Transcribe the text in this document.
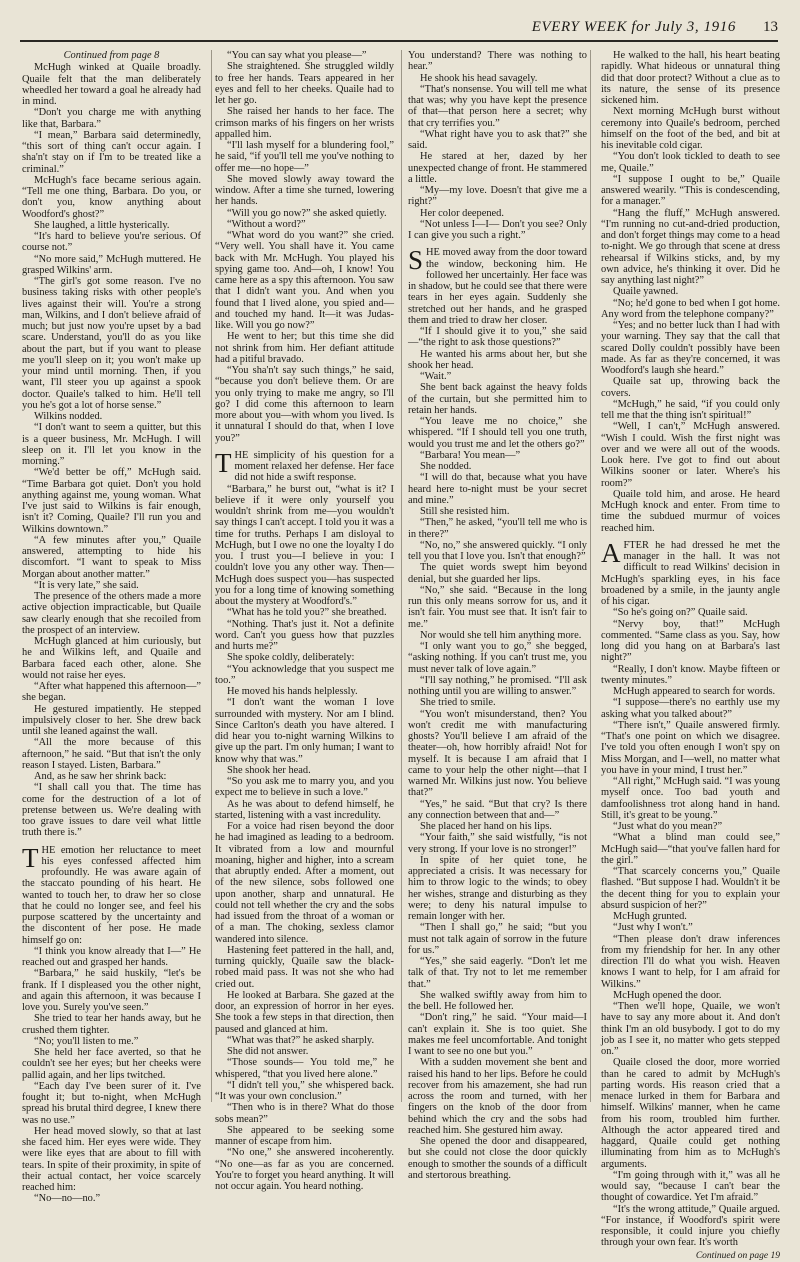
EVERY WEEK for July 3, 1916 13

Continued from page 8

McHugh winked at Quaile broadly. Quaile felt that the man deliberately wheedled her toward a goal he already had in mind.

“Don't you charge me with anything like that, Barbara.”

“I mean,” Barbara said determinedly, “this sort of thing can't occur again. I sha'n't stay on if I'm to be treated like a criminal.”

McHugh's face became serious again. “Tell me one thing, Barbara. Do you, or don't you, know anything about Woodford's ghost?”

She laughed, a little hysterically.

“It's hard to believe you're serious. Of course not.”

“No more said,” McHugh muttered. He grasped Wilkins' arm.

“The girl's got some reason. I've no business taking risks with other people's lives against their will. You're a strong man, Wilkins, and I don't believe afraid of much; but just now you're upset by a bad scare. Understand, you'll do as you like about the part, but if you want to please me you'll sleep on it; you won't make up your mind until morning. Then, if you want, I'll steer you up against a spook doctor. Quaile's talked to him. He'll tell you he's got a lot of horse sense.”

Wilkins nodded.

“I don't want to seem a quitter, but this is a queer business, Mr. McHugh. I will sleep on it. I'll let you know in the morning.”

“We'd better be off,” McHugh said. “Time Barbara got quiet. Don't you hold anything against me, young woman. What I've just said to Wilkins is fair enough, isn't it? Coming, Quaile? I'll run you and Wilkins downtown.”

“A few minutes after you,” Quaile answered, attempting to hide his discomfort. “I want to speak to Miss Morgan about another matter.”

“It is very late,” she said.

The presence of the others made a more active objection impracticable, but Quaile saw clearly enough that she recoiled from the prospect of an interview.

McHugh glanced at him curiously, but he and Wilkins left, and Quaile and Barbara faced each other, alone. She would not raise her eyes.

“After what happened this afternoon—” she began.

He gestured impatiently. He stepped impulsively closer to her. She drew back until she leaned against the wall.

“All the more because of this afternoon,” he said. “But that isn't the only reason I stayed. Listen, Barbara.”

And, as he saw her shrink back:

“I shall call you that. The time has come for the destruction of a lot of pretense between us. We're dealing with too grave issues to dare veil what little truth there is.”

THE emotion her reluctance to meet his eyes confessed affected him profoundly. He was aware again of the staccato pounding of his heart. He wanted to touch her, to draw her so close that he could no longer see, and feel his purpose scattered by the uncertainty and the discontent of her pose. He made himself go on:

“I think you know already that I—” He reached out and grasped her hands.

“Barbara,” he said huskily, “let's be frank. If I displeased you the other night, and again this afternoon, it was because I love you. Surely you've seen.”

She tried to tear her hands away, but he crushed them tighter.

“No; you'll listen to me.”

She held her face averted, so that he couldn't see her eyes; but her cheeks were pallid again, and her lips twitched.

“Each day I've been surer of it. I've fought it; but to-night, when McHugh spread his brutal third degree, I knew there was no use.”

Her head moved slowly, so that at last she faced him. Her eyes were wide. They were like eyes that are about to fill with tears. In spite of their proximity, in spite of their actual contact, her voice scarcely reached him:

“No—no—no.”

“You can say what you please—”

She straightened. She struggled wildly to free her hands. Tears appeared in her eyes and fell to her cheeks. Quaile had to let her go.

She raised her hands to her face. The crimson marks of his fingers on her wrists appalled him.

“I'll lash myself for a blundering fool,” he said, “if you'll tell me you've nothing to offer me—no hope—”

She moved slowly away toward the window. After a time she turned, lowering her hands.

“Will you go now?” she asked quietly.

“Without a word?”

“What word do you want?” she cried. “Very well. You shall have it. You came back with Mr. McHugh. You played his spying game too. And—oh, I know! You came here as a spy this afternoon. You saw that I didn't want you. And when you found that I lived alone, you spied and—and touched my hand. It—it was Judas-like. Will you go now?”

He went to her; but this time she did not shrink from him. Her defiant attitude had a pitiful bravado.

“You sha'n't say such things,” he said, “because you don't believe them. Or are you only trying to make me angry, so I'll go? I did come this afternoon to learn more about you—with whom you lived. Is it unnatural I should do that, when I love you?”

THE simplicity of his question for a moment relaxed her defense. Her face did not hide a swift response.

“Barbara,” he burst out, “what is it? I believe if it were only yourself you wouldn't shrink from me—you wouldn't say things I can't accept. I told you it was a time for truths. Perhaps I am disloyal to McHugh, but I owe no one the loyalty I do you. I trust you—I believe in you: I couldn't love you any other way. Then—McHugh does suspect you—has suspected you for a long time of knowing something about the mystery at Woodford's.”

“What has he told you?” she breathed.

“Nothing. That's just it. Not a definite word. Can't you guess how that puzzles and hurts me?”

She spoke coldly, deliberately:

“You acknowledge that you suspect me too.”

He moved his hands helplessly.

“I don't want the woman I love surrounded with mystery. Nor am I blind. Since Carlton's death you have altered. I did hear you to-night warning Wilkins to give up the part. I'm only human; I want to know why that was.”

She shook her head.

“So you ask me to marry you, and you expect me to believe in such a love.”

As he was about to defend himself, he started, listening with a vast incredulity.

For a voice had risen beyond the door he had imagined as leading to a bedroom. It vibrated from a low and mournful moaning, higher and higher, into a scream that abruptly ended. After a moment, out of the new silence, sobs followed one upon another, sharp and unnatural. He could not tell whether the cry and the sobs had issued from the throat of a woman or of a man. The choking, sexless clamor wandered into silence.

Hastening feet pattered in the hall, and, turning quickly, Quaile saw the black-robed maid pass. It was not she who had cried out.

He looked at Barbara. She gazed at the door, an expression of horror in her eyes. She took a few steps in that direction, then paused and glanced at him.

“What was that?” he asked sharply.

She did not answer.

“Those sounds— You told me,” he whispered, “that you lived here alone.”

“I didn't tell you,” she whispered back. “It was your own conclusion.”

“Then who is in there? What do those sobs mean?”

She appeared to be seeking some manner of escape from him.

“No one,” she answered incoherently. “No one—as far as you are concerned. You're to forget you heard anything. It will not occur again. You heard nothing.

You understand? There was nothing to hear.”

He shook his head savagely.

“That's nonsense. You will tell me what that was; why you have kept the presence of that—that person here a secret; why that cry terrifies you.”

“What right have you to ask that?” she said.

He stared at her, dazed by her unexpected change of front. He stammered a little.

“My—my love. Doesn't that give me a right?”

Her color deepened.

“Not unless I—I— Don't you see? Only I can give you such a right.”

SHE moved away from the door toward the window, beckoning him. He followed her uncertainly. Her face was in shadow, but he could see that there were tears in her eyes again. Suddenly she stretched out her hands, and he grasped them and tried to draw her closer.

“If I should give it to you,” she said—“the right to ask those questions?”

He wanted his arms about her, but she shook her head.

“Wait.”

She bent back against the heavy folds of the curtain, but she permitted him to retain her hands.

“You leave me no choice,” she whispered. “If I should tell you one truth, would you trust me and let the others go?”

“Barbara! You mean—”

She nodded.

“I will do that, because what you have heard here to-night must be your secret and mine.”

Still she resisted him.

“Then,” he asked, “you'll tell me who is in there?”

“No, no,” she answered quickly. “I only tell you that I love you. Isn't that enough?”

The quiet words swept him beyond denial, but she guarded her lips.

“No,” she said. “Because in the long run this only means sorrow for us, and it isn't fair. You must see that. It isn't fair to me.”

Nor would she tell him anything more.

“I only want you to go,” she begged, “asking nothing. If you can't trust me, you must never talk of love again.”

“I'll say nothing,” he promised. “I'll ask nothing until you are willing to answer.”

She tried to smile.

“You won't misunderstand, then? You won't credit me with manufacturing ghosts? You'll believe I am afraid of the theater—oh, how horribly afraid! Not for myself. It is because I am afraid that I came to your help the other night—that I warned Mr. Wilkins just now. You believe that?”

“Yes,” he said. “But that cry? Is there any connection between that and—”

She placed her hand on his lips.

“Your faith,” she said wistfully, “is not very strong. If your love is no stronger!”

In spite of her quiet tone, he appreciated a crisis. It was necessary for him to throw logic to the winds; to obey her wishes, strange and disturbing as they were; to deny his natural impulse to remain longer with her.

“Then I shall go,” he said; “but you must not talk again of sorrow in the future for us.”

“Yes,” she said eagerly. “Don't let me talk of that. Try not to let me remember that.”

She walked swiftly away from him to the bell. He followed her.

“Don't ring,” he said. “Your maid—I can't explain it. She is too quiet. She makes me feel uncomfortable. And tonight I want to see no one but you.”

With a sudden movement she bent and raised his hand to her lips. Before he could recover from his amazement, she had run across the room and turned, with her fingers on the knob of the door from behind which the cry and the sobs had reached him. She gestured him away.

She opened the door and disappeared, but she could not close the door quickly enough to smother the sounds of a difficult and stertorous breathing.

He walked to the hall, his heart beating rapidly. What hideous or unnatural thing did that door protect? Without a clue as to its nature, the sense of its presence sickened him.

Next morning McHugh burst without ceremony into Quaile's bedroom, perched himself on the foot of the bed, and bit at his inevitable cold cigar.

“You don't look tickled to death to see me, Quaile.”

“I suppose I ought to be,” Quaile answered wearily. “This is condescending, for a manager.”

“Hang the fluff,” McHugh answered. “I'm running no cut-and-dried production, and don't forget things may come to a head to-night. We go through that scene at dress rehearsal if Wilkins sticks, and, by my own advice, he's thinking it over. Did he say anything last night?”

Quaile yawned.

“No; he'd gone to bed when I got home. Any word from the telephone company?”

“Yes; and no better luck than I had with your warning. They say that the call that scared Dolly couldn't possibly have been made. As far as they're concerned, it was Woodford's laugh she heard.”

Quaile sat up, throwing back the covers.

“McHugh,” he said, “if you could only tell me that the thing isn't spiritual!”

“Well, I can't,” McHugh answered. “Wish I could. Wish the first night was over and we were all out of the woods. Look here. I've got to find out about Wilkins sooner or later. Where's his room?”

Quaile told him, and arose. He heard McHugh knock and enter. From time to time the subdued murmur of voices reached him.

AFTER he had dressed he met the manager in the hall. It was not difficult to read Wilkins' decision in McHugh's sparkling eyes, in his face broadened by a smile, in the jaunty angle of his cigar.

“So he's going on?” Quaile said.

“Nervy boy, that!” McHugh commented. “Same class as you. Say, how long did you hang on at Barbara's last night?”

“Really, I don't know. Maybe fifteen or twenty minutes.”

McHugh appeared to search for words.

“I suppose—there's no earthly use my asking what you talked about?”

“There isn't,” Quaile answered firmly. “That's one point on which we disagree. I've told you often enough I won't spy on Miss Morgan, and I—well, no matter what you have in your mind, I trust her.”

“All right,” McHugh said. “I was young myself once. Too bad youth and damfoolishness trot along hand in hand. Still, it's great to be young.”

“Just what do you mean?”

“What a blind man could see,” McHugh said—“that you've fallen hard for the girl.”

“That scarcely concerns you,” Quaile flashed. “But suppose I had. Wouldn't it be the decent thing for you to explain your absurd suspicion of her?”

McHugh grunted.

“Just why I won't.”

“Then please don't draw inferences from my friendship for her. In any other direction I'll do what you wish. Heaven knows I want to help, for I am afraid for Wilkins.”

McHugh opened the door.

“Then we'll hope, Quaile, we won't have to say any more about it. And don't think I'm an old busybody. I got to do my job as I see it, no matter who gets stepped on.”

Quaile closed the door, more worried than he cared to admit by McHugh's parting words. His reason cried that a menace lurked in them for Barbara and himself. Wilkins' manner, when he came from his room, troubled him further. Although the actor appeared tired and haggard, Quaile could get nothing illuminating from him as to McHugh's arguments.

“I'm going through with it,” was all he would say, “because I can't bear the thought of cowardice. Yet I'm afraid.”

“It's the wrong attitude,” Quaile argued. “For instance, if Woodford's spirit were responsible, it could injure you chiefly through your own fear. It's worth

Continued on page 19
